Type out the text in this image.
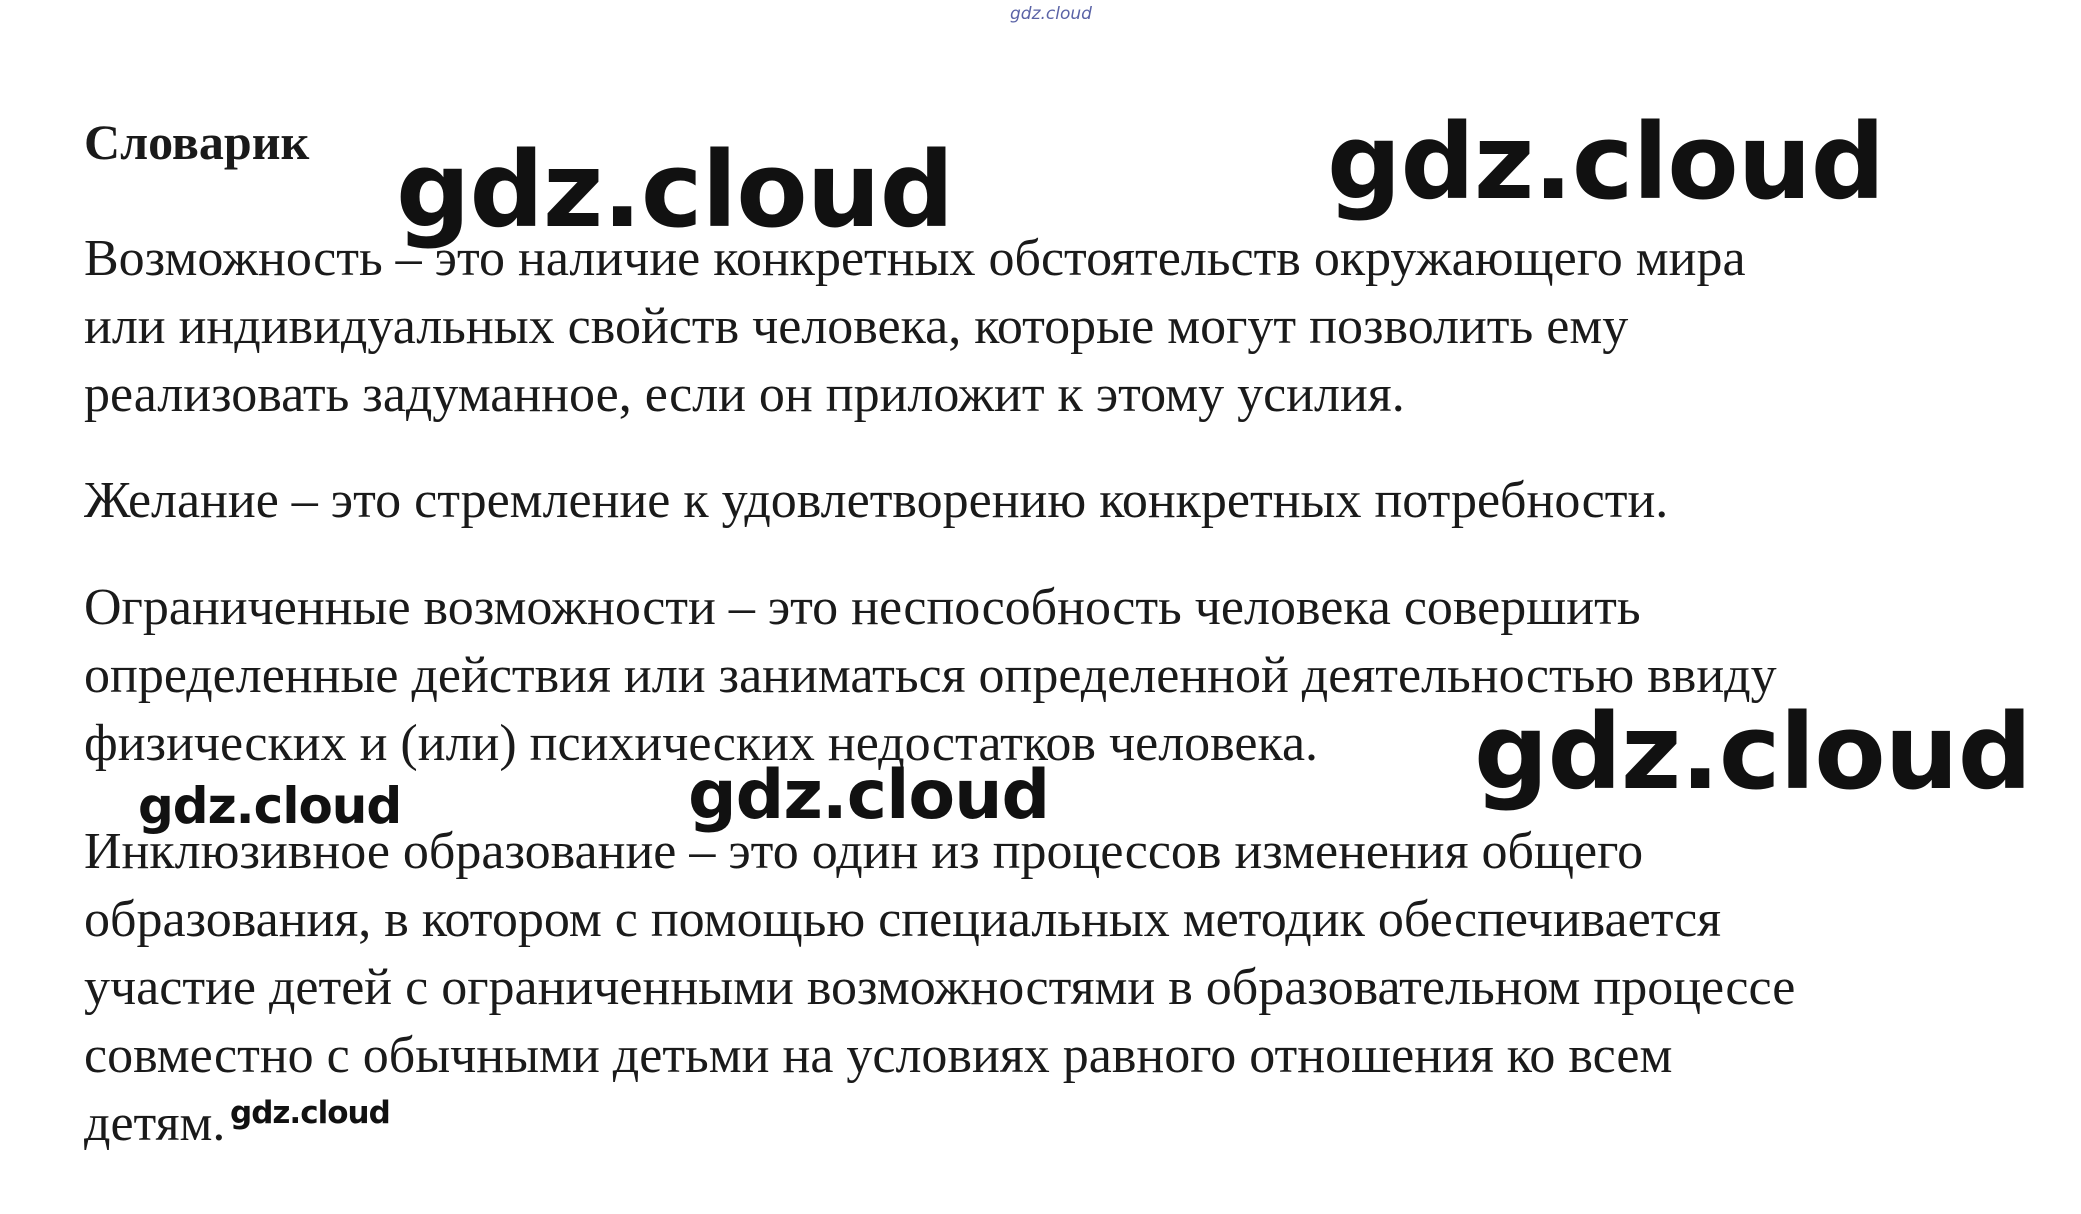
Словарик

Возможность – это наличие конкретных обстоятельств окружающего мира
или индивидуальных свойств человека, которые могут позволить ему
реализовать задуманное, если он приложит к этому усилия.

Желание – это стремление к удовлетворению конкретных потребности.

Ограниченные возможности – это неспособность человека совершить
определенные действия или заниматься определенной деятельностью ввиду
физических и (или) психических недостатков человека.

Инклюзивное образование – это один из процессов изменения общего
образования, в котором с помощью специальных методик обеспечивается
участие детей с ограниченными возможностями в образовательном процессе
совместно с обычными детьми на условиях равного отношения ко всем
детям.

gdz.cloud
gdz.cloud	gdz.cloud
gdz.cloud
gdz.cloud	gdz.cloud
gdz.cloud
